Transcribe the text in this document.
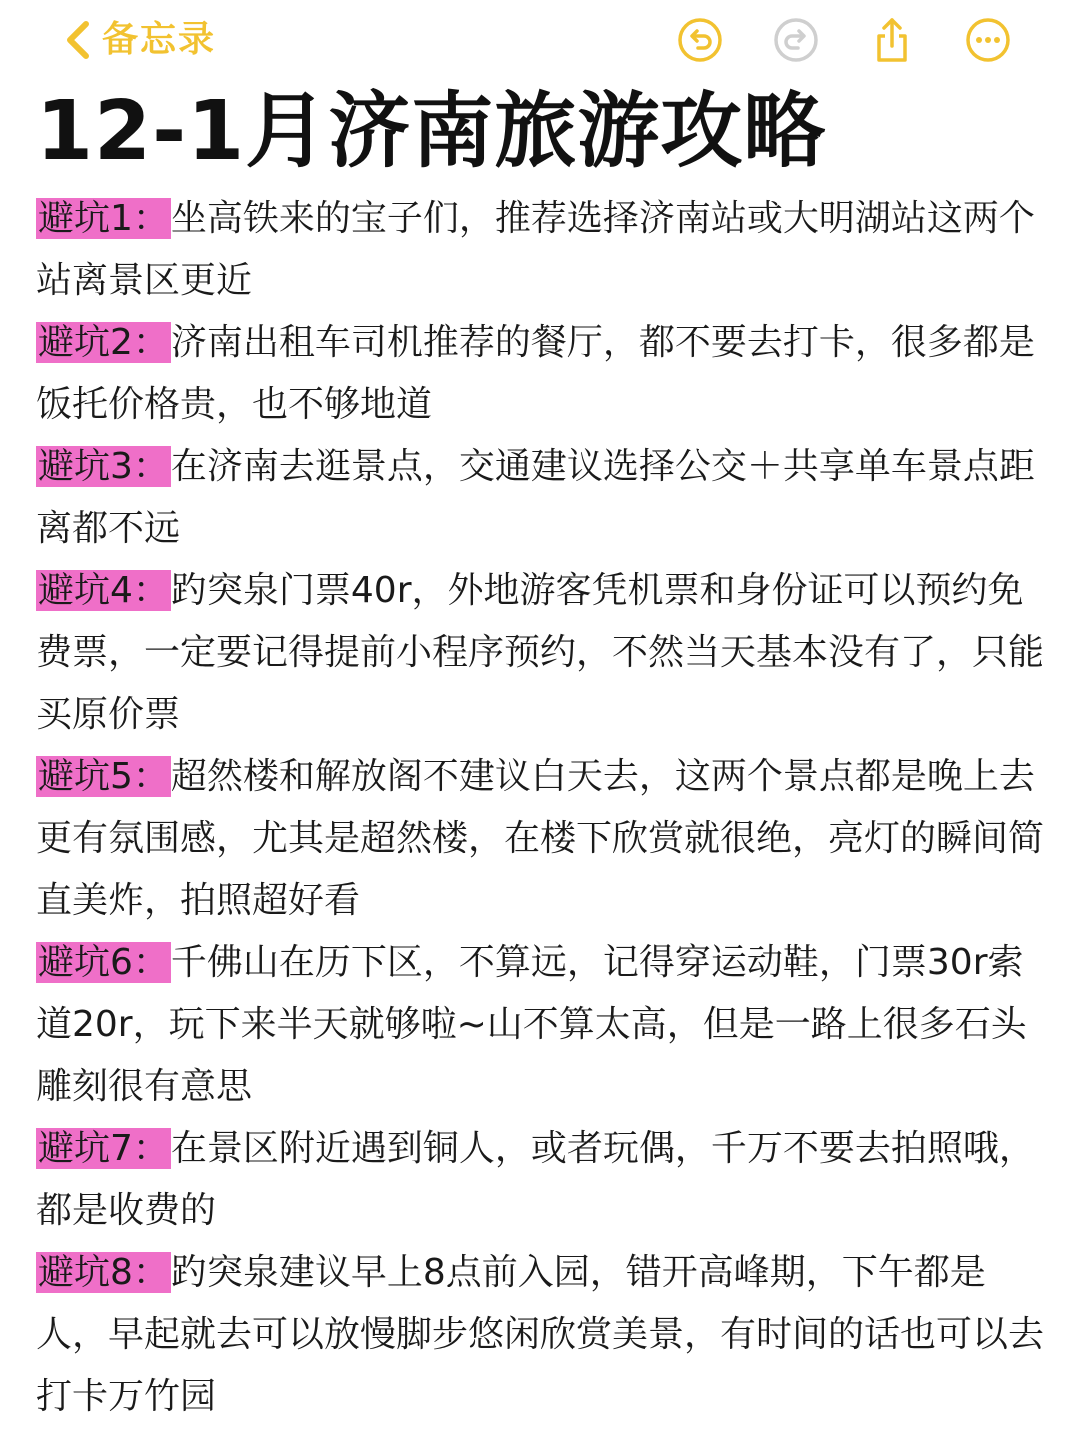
备忘录
12-1月济南旅游攻略

避坑1：坐高铁来的宝子们，推荐选择济南站或大明湖站这两个站离景区更近

避坑2：济南出租车司机推荐的餐厅，都不要去打卡，很多都是饭托价格贵，也不够地道

避坑3：在济南去逛景点，交通建议选择公交＋共享单车景点距离都不远

避坑4：趵突泉门票40r，外地游客凭机票和身份证可以预约免费票，一定要记得提前小程序预约，不然当天基本没有了，只能买原价票

避坑5：超然楼和解放阁不建议白天去，这两个景点都是晚上去更有氛围感，尤其是超然楼，在楼下欣赏就很绝，亮灯的瞬间简直美炸，拍照超好看

避坑6：千佛山在历下区，不算远，记得穿运动鞋，门票30r索道20r，玩下来半天就够啦~山不算太高，但是一路上很多石头雕刻很有意思

避坑7：在景区附近遇到铜人，或者玩偶，千万不要去拍照哦，都是收费的

避坑8：趵突泉建议早上8点前入园，错开高峰期，下午都是人，早起就去可以放慢脚步悠闲欣赏美景，有时间的话也可以去打卡万竹园
